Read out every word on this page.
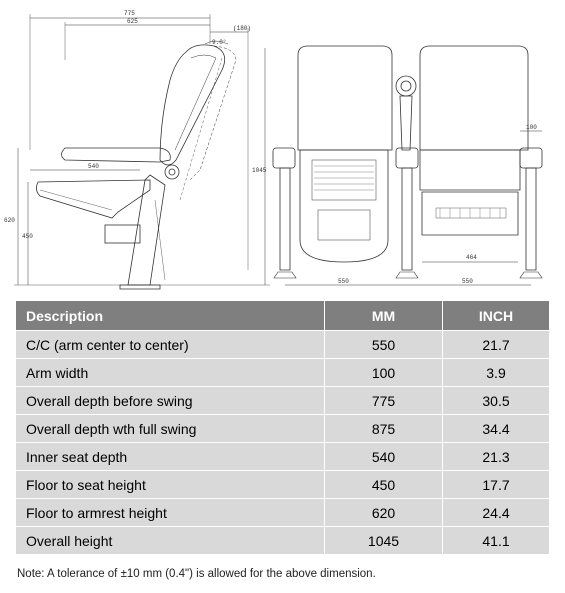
775
625
(180)
9.0°
540
620
450
1045
100
464
550	550
Description	MM	INCH
C/C (arm center to center)	550	21.7
Arm width	100	3.9
Overall depth before swing	775	30.5
Overall depth wth full swing	875	34.4
Inner seat depth	540	21.3
Floor to seat height	450	17.7
Floor to armrest height	620	24.4
Overall height	1045	41.1
Note: A tolerance of ±10 mm (0.4") is allowed for the above dimension.
